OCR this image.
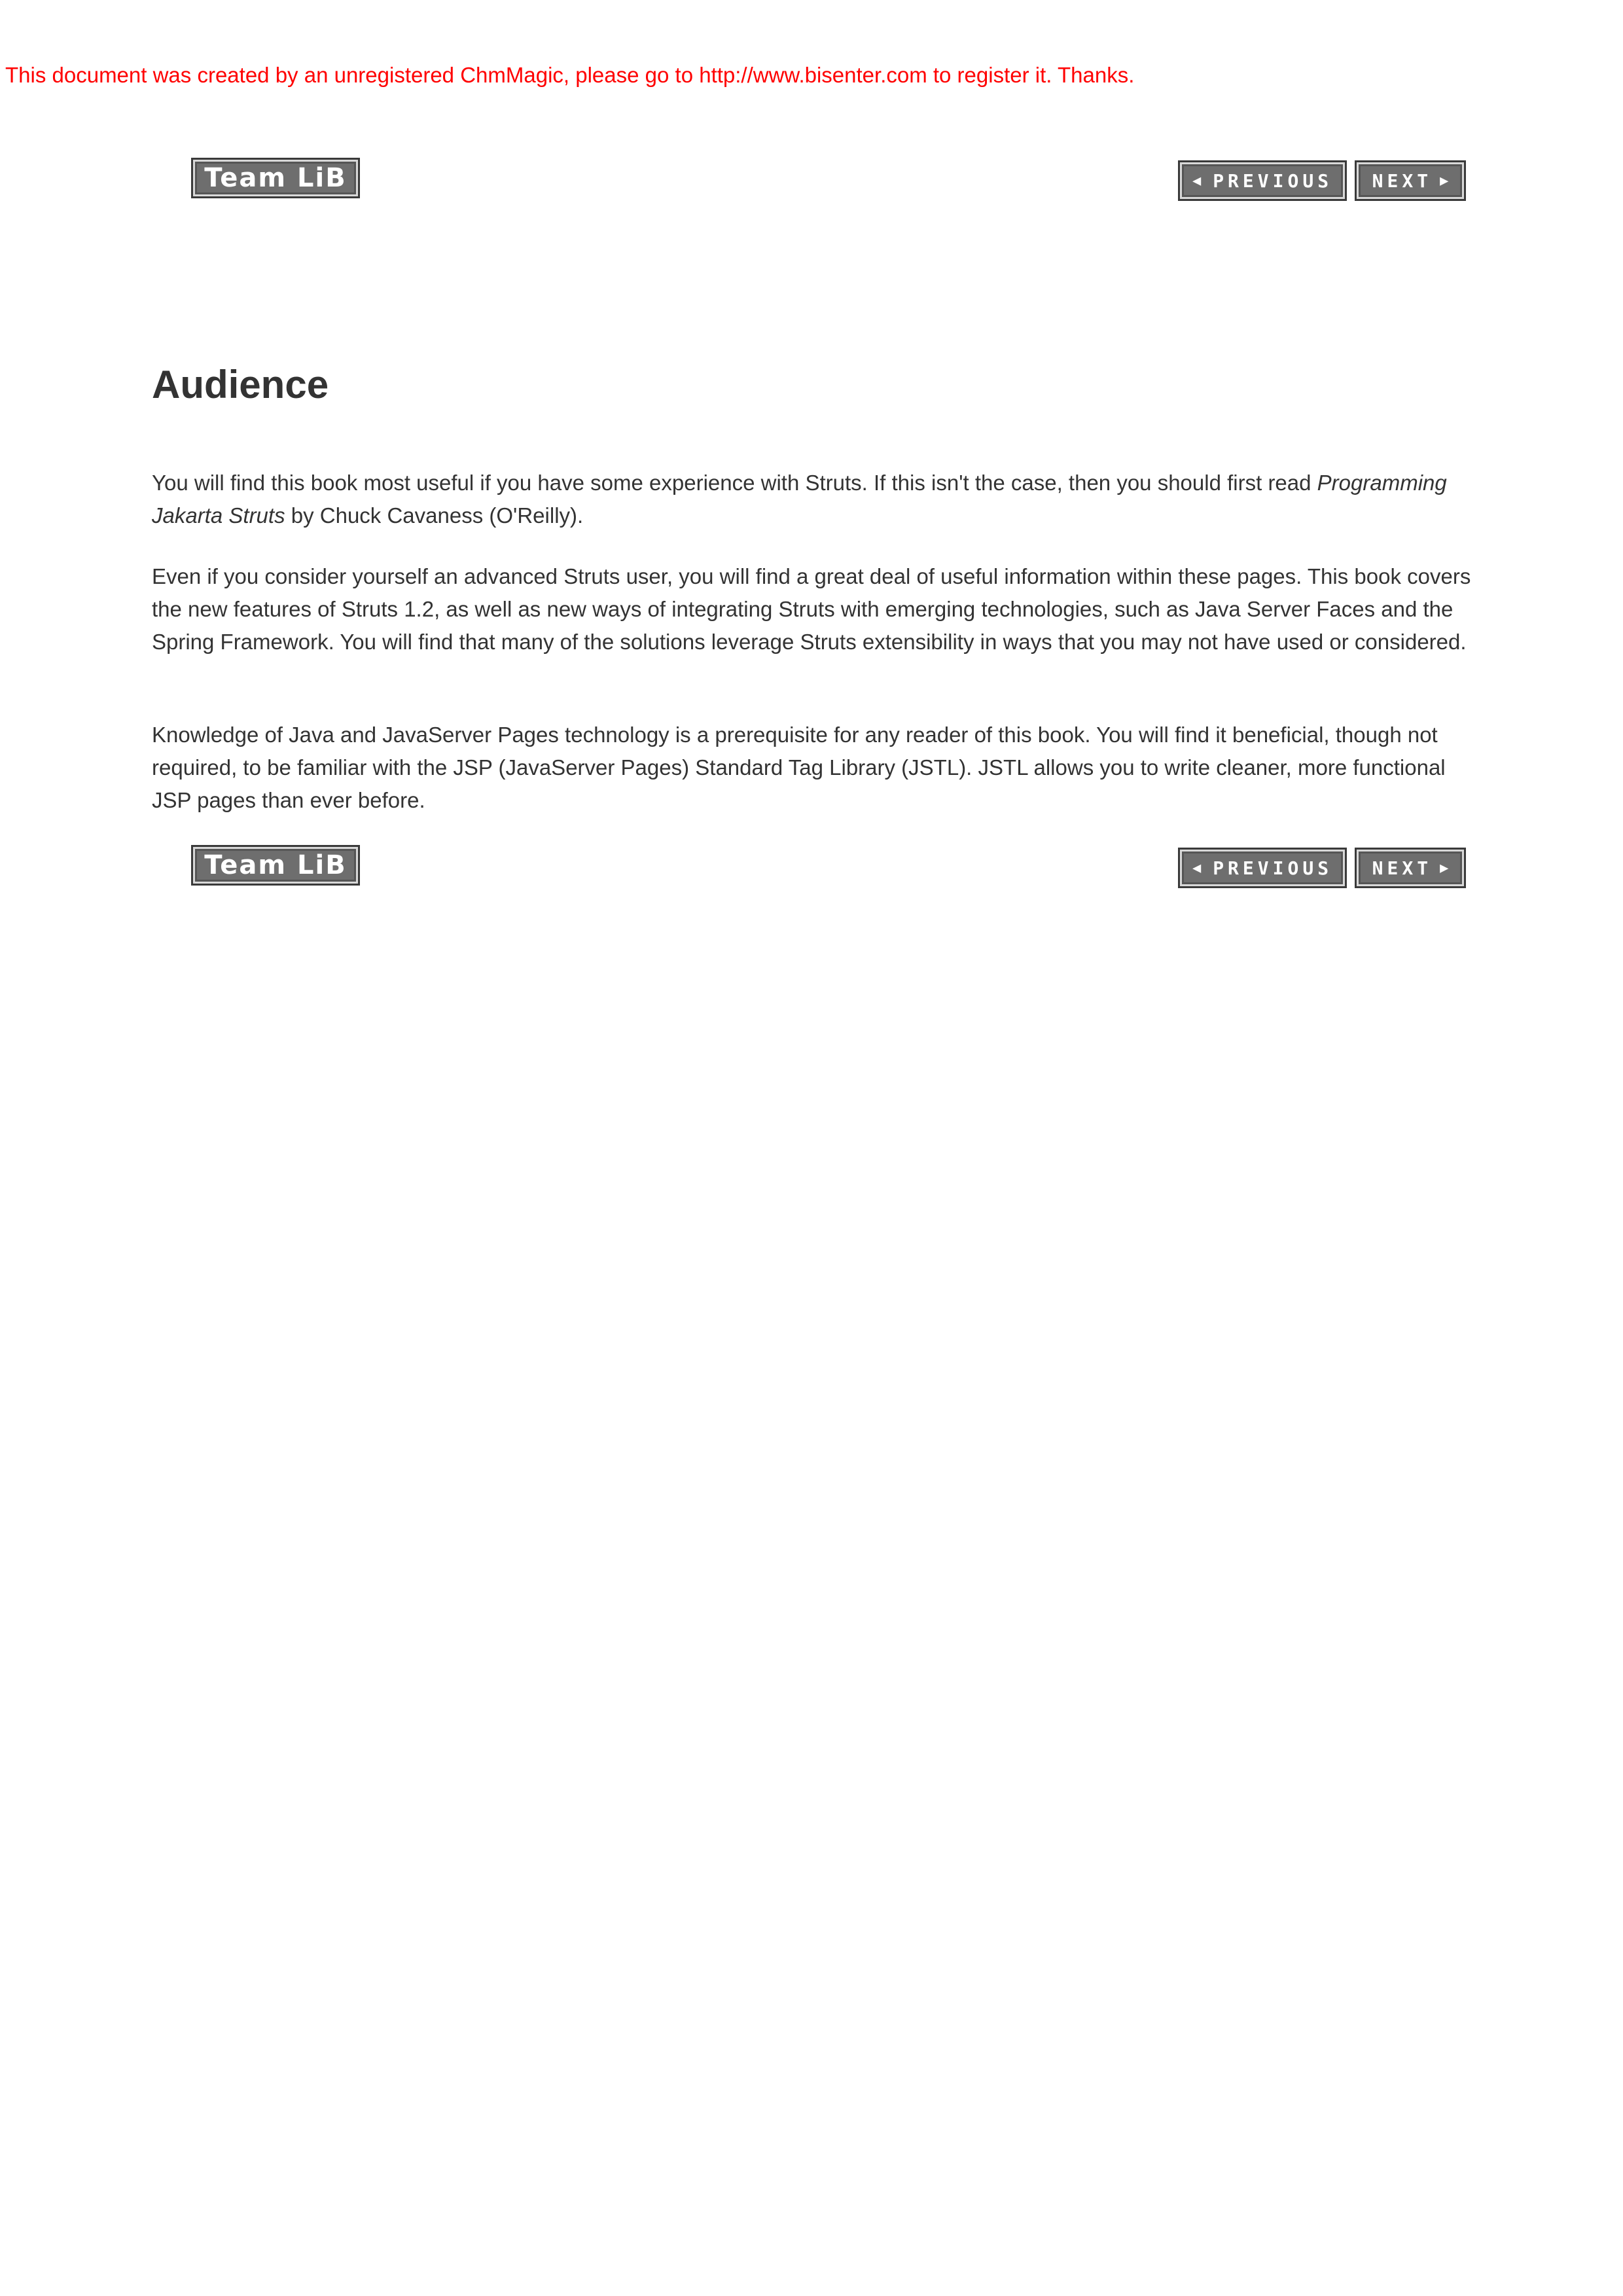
This document was created by an unregistered ChmMagic, please go to http://www.bisenter.com to register it. Thanks.
Team LiB	◀ PREVIOUS NEXT ▶
Audience

You will find this book most useful if you have some experience with Struts. If this isn't the case, then you should first read Programming Jakarta Struts by Chuck Cavaness (O'Reilly).

Even if you consider yourself an advanced Struts user, you will find a great deal of useful information within these pages. This book covers the new features of Struts 1.2, as well as new ways of integrating Struts with emerging technologies, such as Java Server Faces and the Spring Framework. You will find that many of the solutions leverage Struts extensibility in ways that you may not have used or considered.

Knowledge of Java and JavaServer Pages technology is a prerequisite for any reader of this book. You will find it beneficial, though not required, to be familiar with the JSP (JavaServer Pages) Standard Tag Library (JSTL). JSTL allows you to write cleaner, more functional JSP pages than ever before.

Team LiB	◀ PREVIOUS NEXT ▶
